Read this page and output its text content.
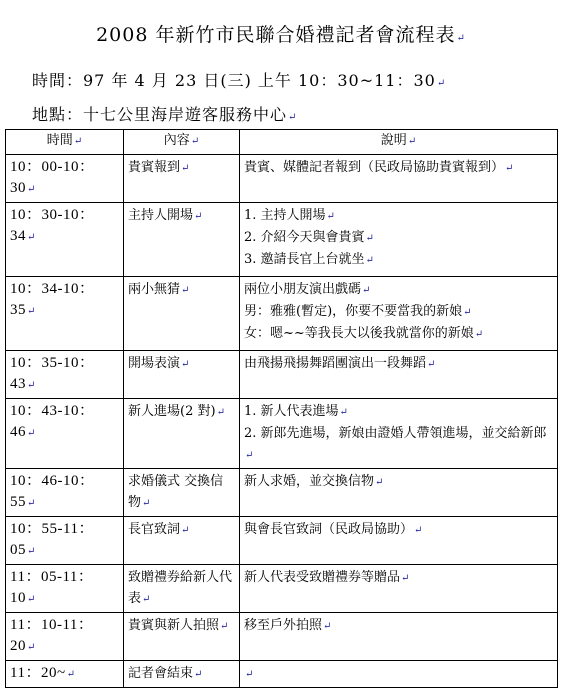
2008 年新竹市民聯合婚禮記者會流程表↵
時間：97 年 4 月 23 日(三) 上午 10：30~11：30↵
地點：十七公里海岸遊客服務中心↵
時間↵	內容↵	說明↵
10：00-10：30↵	貴賓報到↵	貴賓、媒體記者報到（民政局協助貴賓報到）↵

10：30-10：34↵	主持人開場↵	1. 主持人開場↵
2. 介紹今天與會貴賓↵
3. 邀請長官上台就坐↵

10：34-10：35↵	兩小無猜↵	兩位小朋友演出戲碼↵
男：雅雅(暫定)，你要不要當我的新娘↵
女：嗯~~等我長大以後我就當你的新娘↵

10：35-10：43↵	開場表演↵	由飛揚飛揚舞蹈團演出一段舞蹈↵

10：43-10：46↵	新人進場(2 對)↵	1. 新人代表進場↵
2. 新郎先進場，新娘由證婚人帶領進場，並交給新郎↵

10：46-10：55↵	求婚儀式 交換信物↵	新人求婚，並交換信物↵

10：55-11：05↵	長官致詞↵	與會長官致詞（民政局協助）↵

11：05-11：10↵	致贈禮券給新人代表↵	新人代表受致贈禮券等贈品↵

11：10-11：20↵	貴賓與新人拍照↵	移至戶外拍照↵

11：20~↵	記者會結束↵	↵
